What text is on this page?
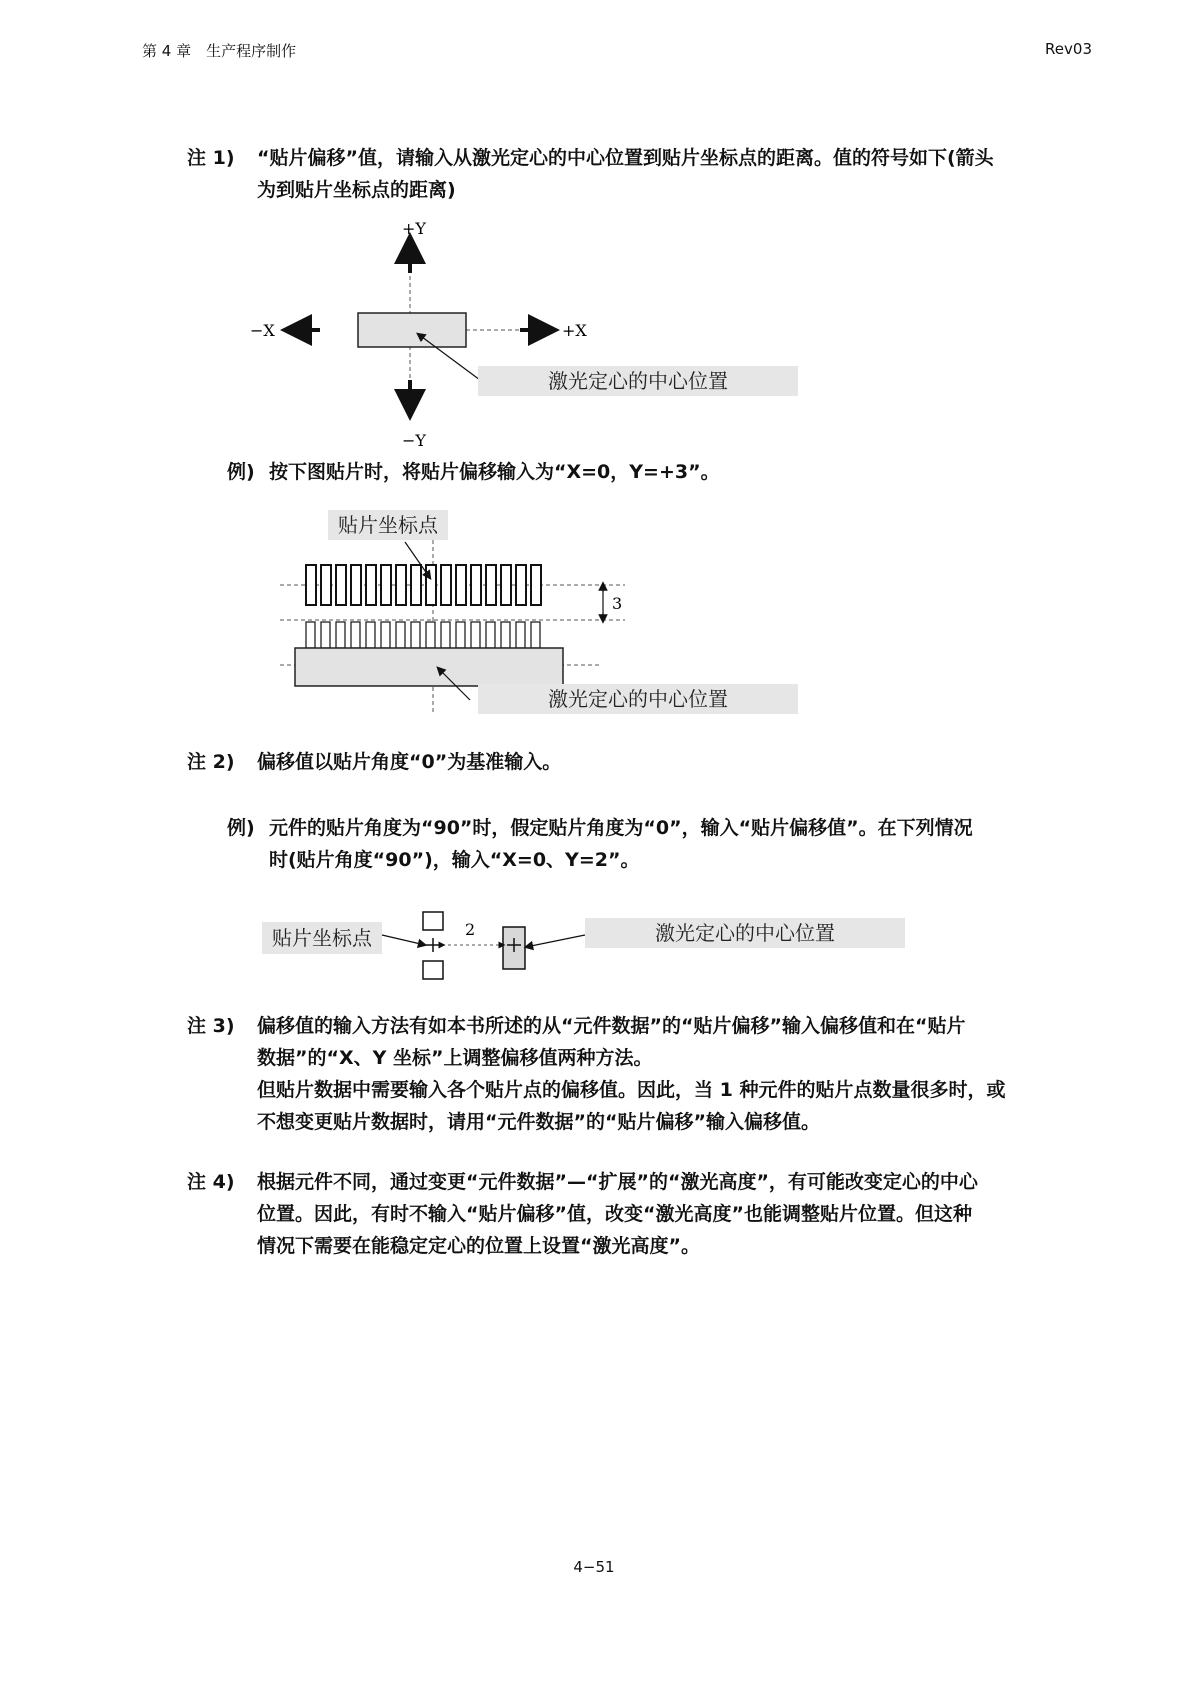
第 4 章　生产程序制作	Rev03
注 1) “贴片偏移”值，请输入从激光定心的中心位置到贴片坐标点的距离。值的符号如下(箭头
为到贴片坐标点的距离)
+Y
−Y
−X	+X
激光定心的中心位置
例) 按下图贴片时，将贴片偏移输入为“X=0，Y=+3”。
3
贴片坐标点
激光定心的中心位置
注 2) 偏移值以贴片角度“0”为基准输入。
例) 元件的贴片角度为“90”时，假定贴片角度为“0”，输入“贴片偏移值”。在下列情况
时(贴片角度“90”)，输入“X=0、Y=2”。
贴片坐标点	2	激光定心的中心位置
注 3) 偏移值的输入方法有如本书所述的从“元件数据”的“贴片偏移”输入偏移值和在“贴片
数据”的“X、Y 坐标”上调整偏移值两种方法。
但贴片数据中需要输入各个贴片点的偏移值。因此，当 1 种元件的贴片点数量很多时，或
不想变更贴片数据时，请用“元件数据”的“贴片偏移”输入偏移值。
注 4) 根据元件不同，通过变更“元件数据”—“扩展”的“激光高度”，有可能改变定心的中心
位置。因此，有时不输入“贴片偏移”值，改变“激光高度”也能调整贴片位置。但这种
情况下需要在能稳定定心的位置上设置“激光高度”。
4−51
